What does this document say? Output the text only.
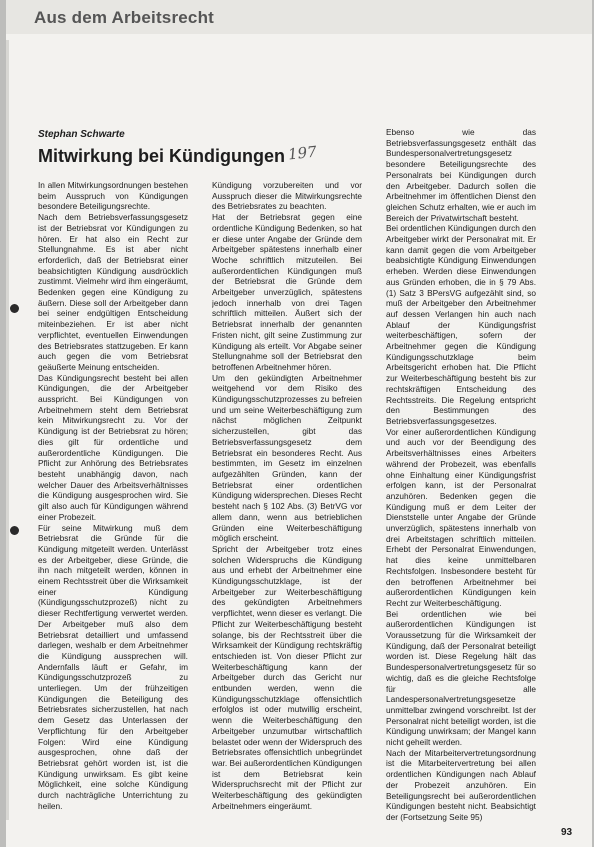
Aus dem Arbeitsrecht
Stephan Schwarte
Mitwirkung bei Kündigungen 197

In allen Mitwirkungsordnungen bestehen beim Ausspruch von Kündigungen besondere Beteiligungsrechte.

Nach dem Betriebsverfassungsgesetz ist der Betriebsrat vor Kündigungen zu hören. Er hat also ein Recht zur Stellungnahme. Es ist aber nicht erforderlich, daß der Betriebsrat einer beabsichtigten Kündigung ausdrücklich zustimmt. Vielmehr wird ihm eingeräumt, Bedenken gegen eine Kündigung zu äußern. Diese soll der Arbeitgeber dann bei seiner endgültigen Entscheidung miteinbeziehen. Er ist aber nicht verpflichtet, eventuellen Einwendungen des Betriebsrates stattzugeben. Er kann auch gegen die vom Betriebsrat geäußerte Meinung entscheiden.

Das Kündigungsrecht besteht bei allen Kündigungen, die der Arbeitgeber ausspricht. Bei Kündigungen von Arbeitnehmern steht dem Betriebsrat kein Mitwirkungsrecht zu. Vor der Kündigung ist der Betriebsrat zu hören; dies gilt für ordentliche und außerordentliche Kündigungen. Die Pflicht zur Anhörung des Betriebsrates besteht unabhängig davon, nach welcher Dauer des Arbeitsverhältnisses die Kündigung ausgesprochen wird. Sie gilt also auch für Kündigungen während einer Probezeit.

Für seine Mitwirkung muß dem Betriebsrat die Gründe für die Kündigung mitgeteilt werden. Unterlässt es der Arbeitgeber, diese Gründe, die ihn nach mitgeteilt werden, können in einem Rechtsstreit über die Wirksamkeit einer Kündigung (Kündigungsschutzprozeß) nicht zu dieser Rechtfertigung verwertet werden. Der Arbeitgeber muß also dem Betriebsrat detailliert und umfassend darlegen, weshalb er dem Arbeitnehmer die Kündigung aussprechen will. Andernfalls läuft er Gefahr, im Kündigungsschutzprozeß zu unterliegen. Um der frühzeitigen Kündigungen die Beteiligung des Betriebsrates sicherzustellen, hat nach dem Gesetz das Unterlassen der Verpflichtung für den Arbeitgeber Folgen: Wird eine Kündigung ausgesprochen, ohne daß der Betriebsrat gehört worden ist, ist die Kündigung unwirksam. Es gibt keine Möglichkeit, eine solche Kündigung durch nachträgliche Unterrichtung zu heilen.

Kündigung vorzubereiten und vor Ausspruch dieser die Mitwirkungsrechte des Betriebsrates zu beachten.

Hat der Betriebsrat gegen eine ordentliche Kündigung Bedenken, so hat er diese unter Angabe der Gründe dem Arbeitgeber spätestens innerhalb einer Woche schriftlich mitzuteilen. Bei außerordentlichen Kündigungen muß der Betriebsrat die Gründe dem Arbeitgeber unverzüglich, spätestens jedoch innerhalb von drei Tagen schriftlich mitteilen. Äußert sich der Betriebsrat innerhalb der genannten Fristen nicht, gilt seine Zustimmung zur Kündigung als erteilt. Vor Abgabe seiner Stellungnahme soll der Betriebsrat den betroffenen Arbeitnehmer hören.

Um den gekündigten Arbeitnehmer weitgehend vor dem Risiko des Kündigungsschutzprozesses zu befreien und um seine Weiterbeschäftigung zum nächst möglichen Zeitpunkt sicherzustellen, gibt das Betriebsverfassungsgesetz dem Betriebsrat ein besonderes Recht. Aus bestimmten, im Gesetz im einzelnen aufgezählten Gründen, kann der Betriebsrat einer ordentlichen Kündigung widersprechen. Dieses Recht besteht nach § 102 Abs. (3) BetrVG vor allem dann, wenn aus betrieblichen Gründen eine Weiterbeschäftigung möglich erscheint.

Spricht der Arbeitgeber trotz eines solchen Widerspruchs die Kündigung aus und erhebt der Arbeitnehmer eine Kündigungsschutzklage, ist der Arbeitgeber zur Weiterbeschäftigung des gekündigten Arbeitnehmers verpflichtet, wenn dieser es verlangt. Die Pflicht zur Weiterbeschäftigung besteht solange, bis der Rechtsstreit über die Wirksamkeit der Kündigung rechtskräftig entschieden ist. Von dieser Pflicht zur Weiterbeschäftigung kann der Arbeitgeber durch das Gericht nur entbunden werden, wenn die Kündigungsschutzklage offensichtlich erfolglos ist oder mutwillig erscheint, wenn die Weiterbeschäftigung den Arbeitgeber unzumutbar wirtschaftlich belastet oder wenn der Widerspruch des Betriebsrates offensichtlich unbegründet war. Bei außerordentlichen Kündigungen ist dem Betriebsrat kein Widerspruchsrecht mit der Pflicht zur Weiterbeschäftigung des gekündigten Arbeitnehmers eingeräumt.

Ebenso wie das Betriebsverfassungsgesetz enthält das Bundespersonalvertretungsgesetz besondere Beteiligungsrechte des Personalrats bei Kündigungen durch den Arbeitgeber. Dadurch sollen die Arbeitnehmer im öffentlichen Dienst den gleichen Schutz erhalten, wie er auch im Bereich der Privatwirtschaft besteht.

Bei ordentlichen Kündigungen durch den Arbeitgeber wirkt der Personalrat mit. Er kann damit gegen die vom Arbeitgeber beabsichtigte Kündigung Einwendungen erheben. Werden diese Einwendungen aus Gründen erhoben, die in § 79 Abs. (1) Satz 3 BPersVG aufgezählt sind, so muß der Arbeitgeber den Arbeitnehmer auf dessen Verlangen hin auch nach Ablauf der Kündigungsfrist weiterbeschäftigen, sofern der Arbeitnehmer gegen die Kündigung Kündigungsschutzklage beim Arbeitsgericht erhoben hat. Die Pflicht zur Weiterbeschäftigung besteht bis zur rechtskräftigen Entscheidung des Rechtsstreits. Die Regelung entspricht den Bestimmungen des Betriebsverfassungsgesetzes.

Vor einer außerordentlichen Kündigung und auch vor der Beendigung des Arbeitsverhältnisses eines Arbeiters während der Probezeit, was ebenfalls ohne Einhaltung einer Kündigungsfrist erfolgen kann, ist der Personalrat anzuhören. Bedenken gegen die Kündigung muß er dem Leiter der Dienststelle unter Angabe der Gründe unverzüglich, spätestens innerhalb von drei Arbeitstagen schriftlich mitteilen. Erhebt der Personalrat Einwendungen, hat dies keine unmittelbaren Rechtsfolgen. Insbesondere besteht für den betroffenen Arbeitnehmer bei außerordentlichen Kündigungen kein Recht zur Weiterbeschäftigung.

Bei ordentlichen wie bei außerordentlichen Kündigungen ist Voraussetzung für die Wirksamkeit der Kündigung, daß der Personalrat beteiligt worden ist. Diese Regelung hält das Bundespersonalvertretungsgesetz für so wichtig, daß es die gleiche Rechtsfolge für alle Landespersonalvertretungsgesetze unmittelbar zwingend vorschreibt. Ist der Personalrat nicht beteiligt worden, ist die Kündigung unwirksam; der Mangel kann nicht geheilt werden.

Nach der Mitarbeitervertretungsordnung ist die Mitarbeitervertretung bei allen ordentlichen Kündigungen nach Ablauf der Probezeit anzuhören. Ein Beteiligungsrecht bei außerordentlichen Kündigungen besteht nicht. Beabsichtigt der (Fortsetzung Seite 95)

93
